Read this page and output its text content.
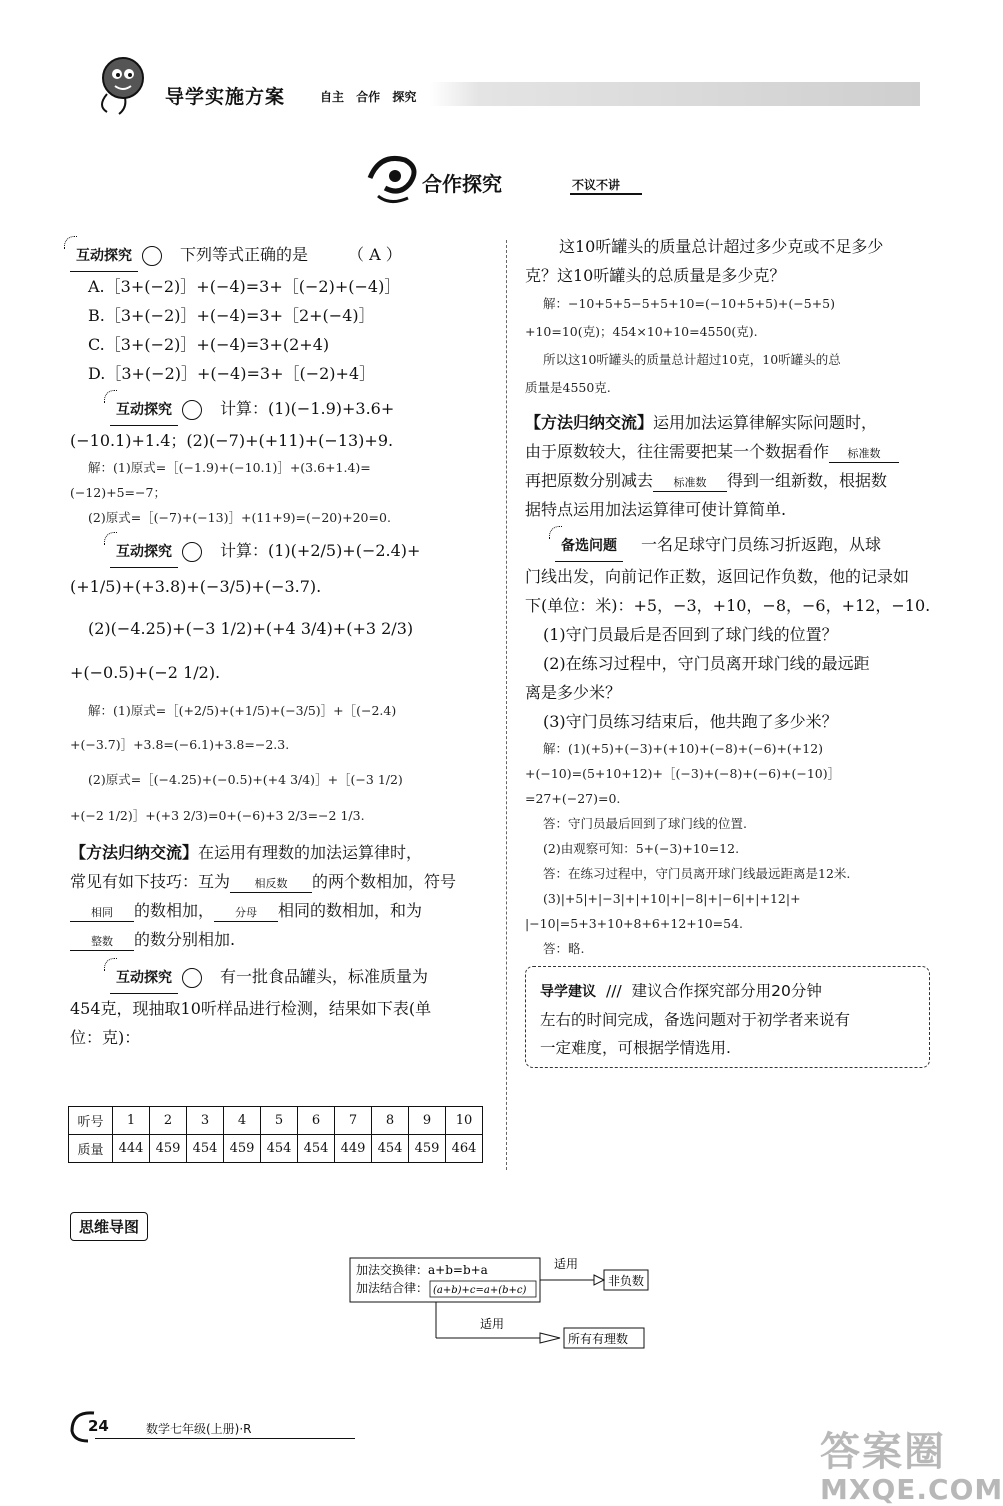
导学实施方案	自主 合作 探究
合作探究	不议不讲
互动探究	下列等式正确的是	（ A ）
A.［3+(−2)］+(−4)=3+［(−2)+(−4)］
B.［3+(−2)］+(−4)=3+［2+(−4)］
C.［3+(−2)］+(−4)=3+(2+4)
D.［3+(−2)］+(−4)=3+［(−2)+4］
互动探究	计算：(1)(−1.9)+3.6+
(−10.1)+1.4；(2)(−7)+(+11)+(−13)+9.
解：(1)原式=［(−1.9)+(−10.1)］+(3.6+1.4)=
(−12)+5=−7；
(2)原式=［(−7)+(−13)］+(11+9)=(−20)+20=0.
互动探究	计算：(1)(+2/5)+(−2.4)+
(+1/5)+(+3.8)+(−3/5)+(−3.7).
(2)(−4.25)+(−3 1/2)+(+4 3/4)+(+3 2/3)
+(−0.5)+(−2 1/2).
解：(1)原式=［(+2/5)+(+1/5)+(−3/5)］+［(−2.4)
+(−3.7)］+3.8=(−6.1)+3.8=−2.3.
(2)原式=［(−4.25)+(−0.5)+(+4 3/4)］+［(−3 1/2)
+(−2 1/2)］+(+3 2/3)=0+(−6)+3 2/3=−2 1/3.
【方法归纳交流】在运用有理数的加法运算律时，
常见有如下技巧：互为 相反数 的两个数相加，符号
相同 的数相加， 分母 相同的数相加，和为
整数 的数分别相加.
互动探究	有一批食品罐头，标准质量为
454克，现抽取10听样品进行检测，结果如下表(单
位：克)：
听号	1	2	3	4	5	6	7	8	9	10
质量	444	459	454	459	454	454	449	454	459	464
这10听罐头的质量总计超过多少克或不足多少
克？这10听罐头的总质量是多少克？
解：−10+5+5−5+5+10=(−10+5+5)+(−5+5)
+10=10(克)；454×10+10=4550(克).
所以这10听罐头的质量总计超过10克，10听罐头的总
质量是4550克.
【方法归纳交流】运用加法运算律解实际问题时，
由于原数较大，往往需要把某一个数据看作 标准数
再把原数分别减去 标准数 得到一组新数，根据数
据特点运用加法运算律可使计算简单.
备选问题 一名足球守门员练习折返跑，从球
门线出发，向前记作正数，返回记作负数，他的记录如
下(单位：米)：+5，−3，+10，−8，−6，+12，−10.
(1)守门员最后是否回到了球门线的位置？
(2)在练习过程中，守门员离开球门线的最远距
离是多少米？
(3)守门员练习结束后，他共跑了多少米？
解：(1)(+5)+(−3)+(+10)+(−8)+(−6)+(+12)
+(−10)=(5+10+12)+［(−3)+(−8)+(−6)+(−10)］
=27+(−27)=0.
答：守门员最后回到了球门线的位置.
(2)由观察可知：5+(−3)+10=12.
答：在练习过程中，守门员离开球门线最远距离是12米.
(3)|+5|+|−3|+|+10|+|−8|+|−6|+|+12|+
|−10|=5+3+10+8+6+12+10=54.
答：略.
导学建议 /// 建议合作探究部分用20分钟
左右的时间完成，备选问题对于初学者来说有
一定难度，可根据学情选用.
思维导图
加法交换律：a+b=b+a
加法结合律： (a+b)+c=a+(b+c)
适用
非负数
适用
所有有理数
24	数学七年级(上册)·R	答案圈
MXQE.COM
